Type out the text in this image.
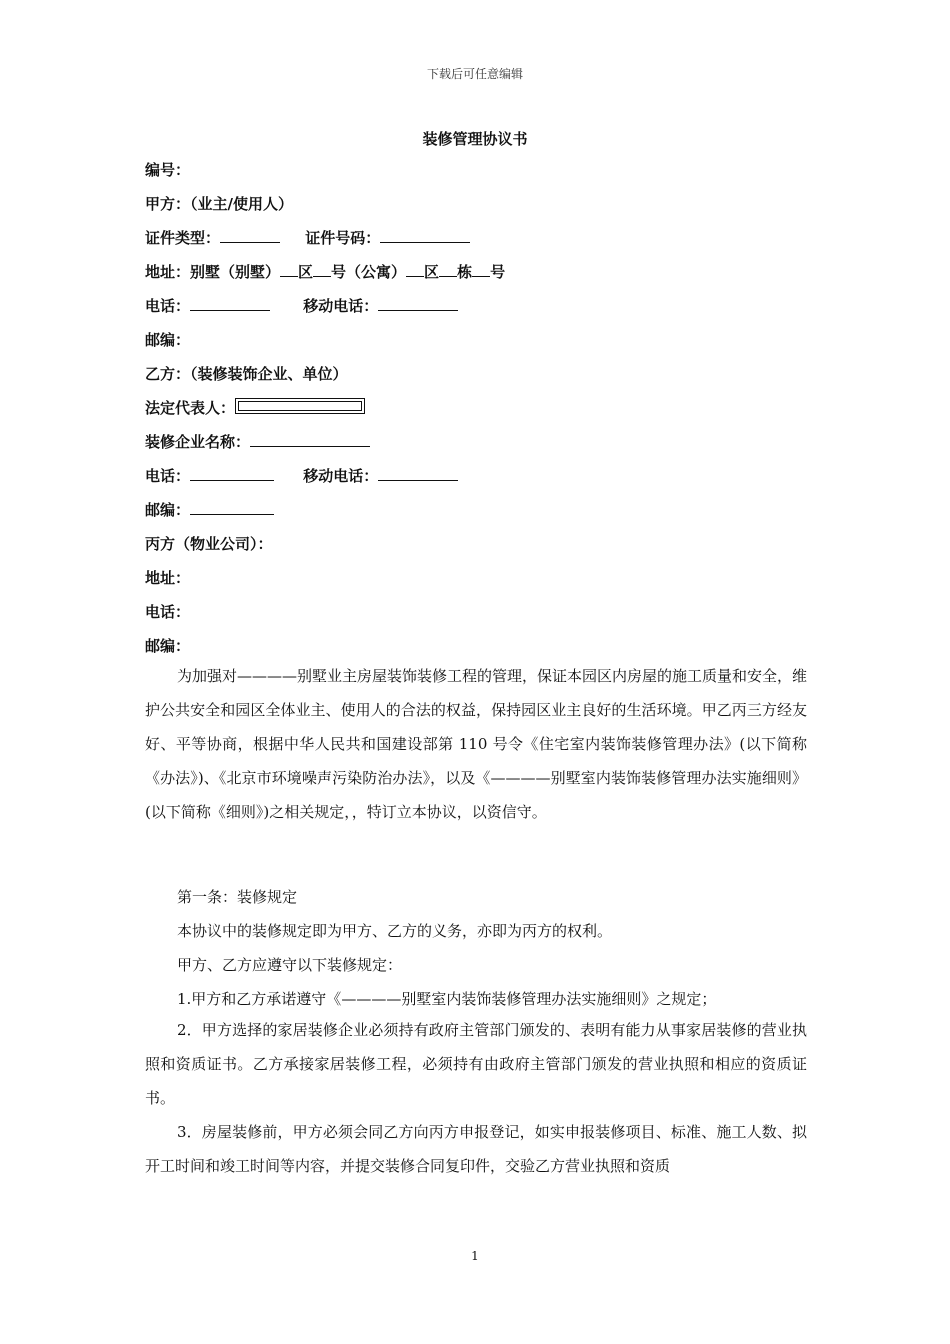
下载后可任意编辑
装修管理协议书
编号：
甲方：（业主/使用人）
证件类型：	证件号码：
地址：别墅（别墅） 区 号（公寓） 区 栋 号
电话：	移动电话：
邮编：
乙方：（装修装饰企业、单位）
法定代表人：
装修企业名称：
电话：	移动电话：
邮编：
丙方（物业公司）：
地址：
电话：
邮编：
为加强对————别墅业主房屋装饰装修工程的管理，保证本园区内房屋的施工质量和安全，维护公共安全和园区全体业主、使用人的合法的权益，保持园区业主良好的生活环境。甲乙丙三方经友好、平等协商，根据中华人民共和国建设部第 110 号令《住宅室内装饰装修管理办法》(以下简称《办法》)、《北京市环境噪声污染防治办法》，以及《————别墅室内装饰装修管理办法实施细则》(以下简称《细则》)之相关规定，，特订立本协议，以资信守。
第一条：装修规定
本协议中的装修规定即为甲方、乙方的义务，亦即为丙方的权利。
甲方、乙方应遵守以下装修规定：
1.甲方和乙方承诺遵守《————别墅室内装饰装修管理办法实施细则》之规定；
2．甲方选择的家居装修企业必须持有政府主管部门颁发的、表明有能力从事家居装修的营业执照和资质证书。乙方承接家居装修工程，必须持有由政府主管部门颁发的营业执照和相应的资质证书。
3．房屋装修前，甲方必须会同乙方向丙方申报登记，如实申报装修项目、标准、施工人数、拟开工时间和竣工时间等内容，并提交装修合同复印件，交验乙方营业执照和资质
1
